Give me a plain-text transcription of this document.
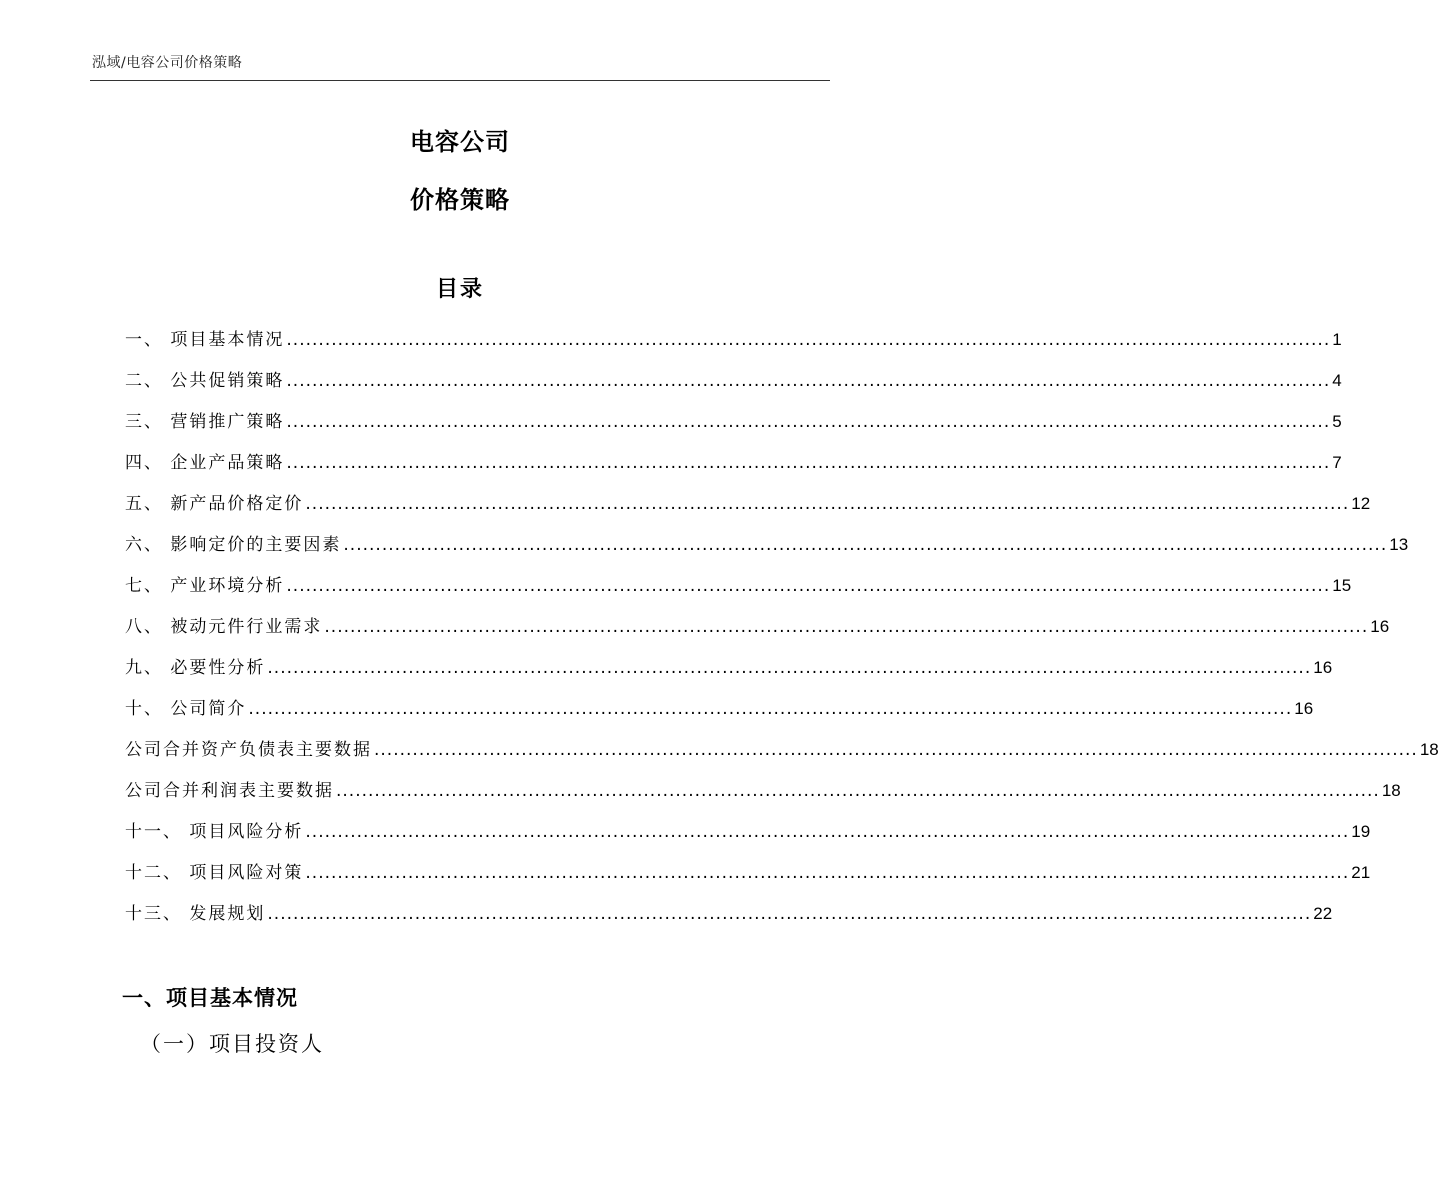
泓域/电容公司价格策略
电容公司
价格策略
目录
一、 项目基本情况 ................................................................................................................................................................... 1
二、 公共促销策略 ................................................................................................................................................................... 4
三、 营销推广策略 ................................................................................................................................................................... 5
四、 企业产品策略 ................................................................................................................................................................... 7
五、 新产品价格定价 ................................................................................................................................................................... 12
六、 影响定价的主要因素 ................................................................................................................................................................... 13
七、 产业环境分析 ................................................................................................................................................................... 15
八、 被动元件行业需求 ................................................................................................................................................................... 16
九、 必要性分析 ................................................................................................................................................................... 16
十、 公司简介 ................................................................................................................................................................... 16
公司合并资产负债表主要数据 ................................................................................................................................................................... 18
公司合并利润表主要数据 ................................................................................................................................................................... 18
十一、 项目风险分析 ................................................................................................................................................................... 19
十二、 项目风险对策 ................................................................................................................................................................... 21
十三、 发展规划 ................................................................................................................................................................... 22
一、项目基本情况
（一）项目投资人
